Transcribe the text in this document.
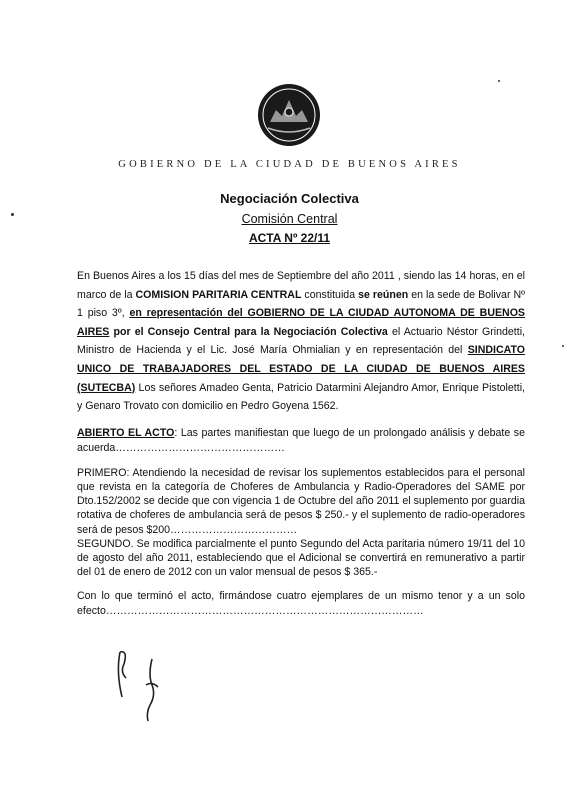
GOBIERNO DE LA CIUDAD DE BUENOS AIRES
Negociación Colectiva
Comisión Central
ACTA Nº 22/11

En Buenos Aires a los 15 días del mes de Septiembre del año 2011 , siendo las 14 horas, en el marco de la COMISION PARITARIA CENTRAL constituida se reúnen en la sede de Bolivar Nº 1 piso 3º, en representación del GOBIERNO DE LA CIUDAD AUTONOMA DE BUENOS AIRES por el Consejo Central para la Negociación Colectiva el Actuario Néstor Grindetti, Ministro de Hacienda y el Lic. José María Ohmialian y en representación del SINDICATO UNICO DE TRABAJADORES DEL ESTADO DE LA CIUDAD DE BUENOS AIRES (SUTECBA) Los señores Amadeo Genta, Patricio Datarmini Alejandro Amor, Enrique Pistoletti, y Genaro Trovato con domicilio en Pedro Goyena 1562.

ABIERTO EL ACTO: Las partes manifiestan que luego de un prolongado análisis y debate se acuerda…………………………………………

PRIMERO: Atendiendo la necesidad de revisar los suplementos establecidos para el personal que revista en la categoría de Choferes de Ambulancia y Radio-Operadores del SAME por Dto.152/2002 se decide que con vigencia 1 de Octubre del año 2011 el suplemento por guardia rotativa de choferes de ambulancia será de pesos $ 250.- y el suplemento de radio-operadores será de pesos $200………………………………

SEGUNDO. Se modifica parcialmente el punto Segundo del Acta paritaria número 19/11 del 10 de agosto del año 2011, estableciendo que el Adicional se convertirá en remunerativo a partir del 01 de enero de 2012 con un valor mensual de pesos $ 365.-

Con lo que terminó el acto, firmándose cuatro ejemplares de un mismo tenor y a un solo efecto………………………………………………………………………………
